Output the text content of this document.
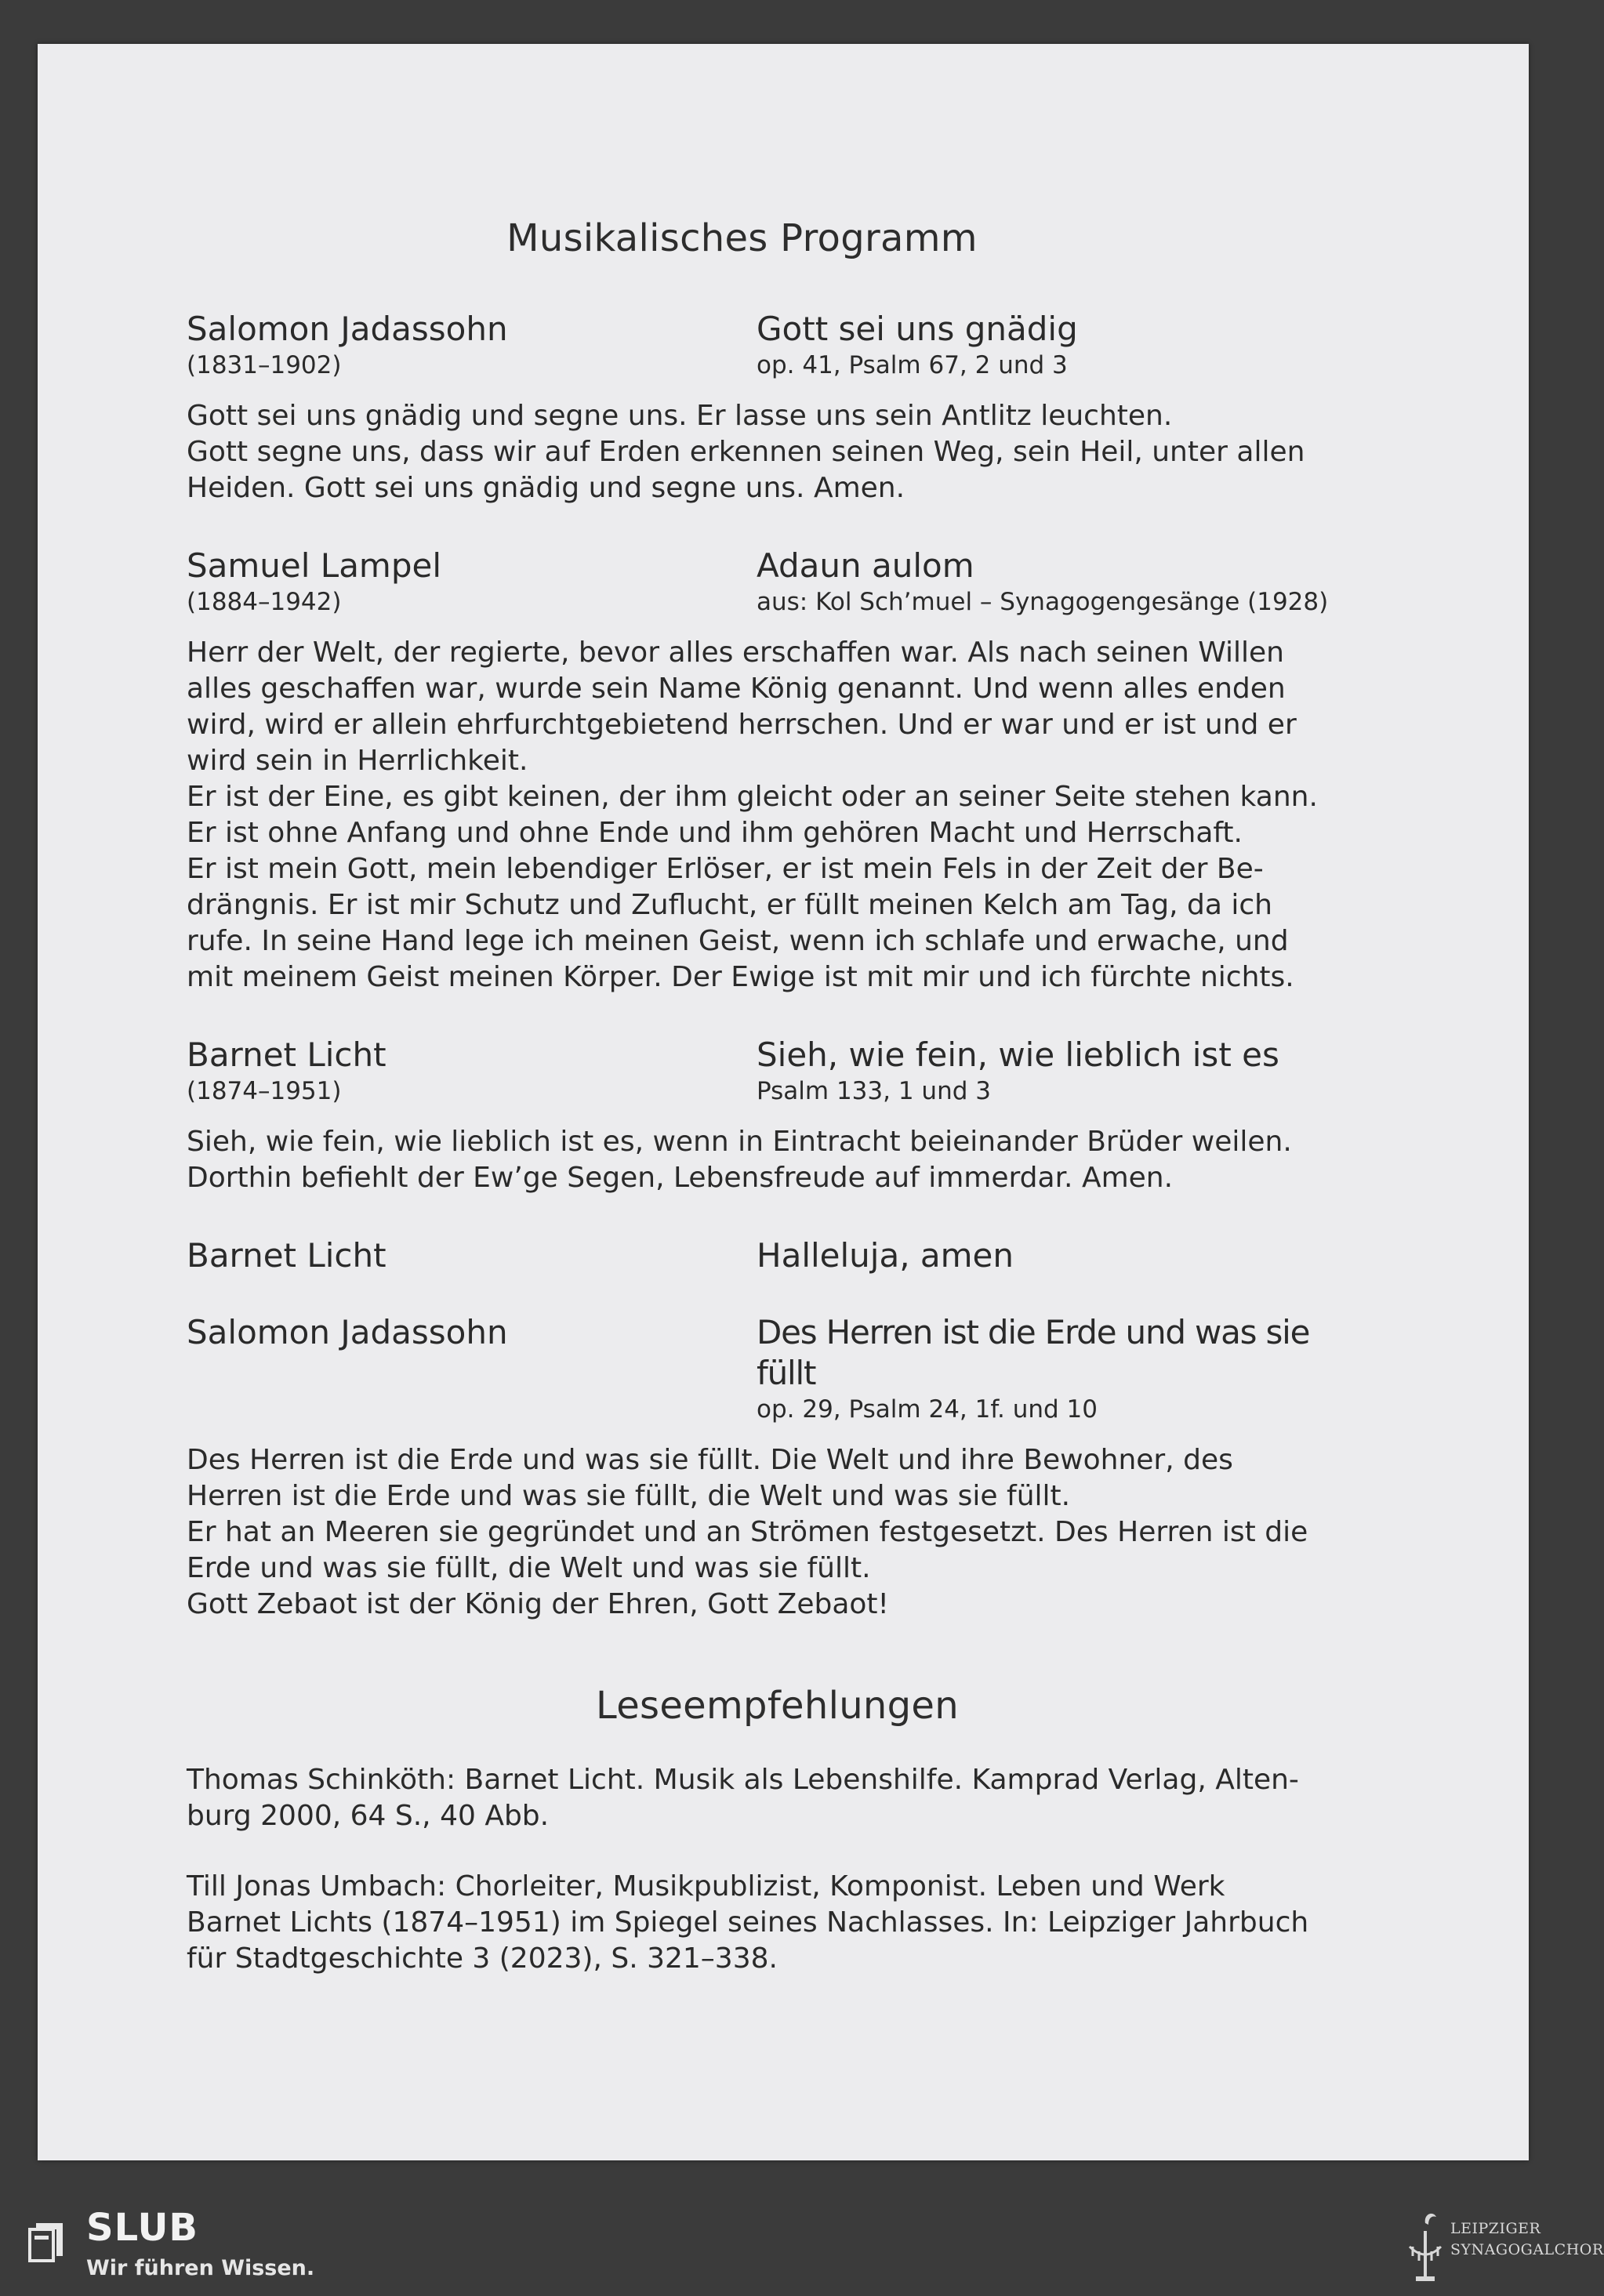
Musikalisches Programm
Salomon Jadassohn	Gott sei uns gnädig
(1831–1902)	op. 41, Psalm 67, 2 und 3

Gott sei uns gnädig und segne uns. Er lasse uns sein Antlitz leuchten.
Gott segne uns, dass wir auf Erden erkennen seinen Weg, sein Heil, unter allen
Heiden. Gott sei uns gnädig und segne uns. Amen.

Samuel Lampel	Adaun aulom
(1884–1942)	aus: Kol Sch’muel – Synagogengesänge (1928)

Herr der Welt, der regierte, bevor alles erschaffen war. Als nach seinen Willen
alles geschaffen war, wurde sein Name König genannt. Und wenn alles enden
wird, wird er allein ehrfurchtgebietend herrschen. Und er war und er ist und er
wird sein in Herrlichkeit.
Er ist der Eine, es gibt keinen, der ihm gleicht oder an seiner Seite stehen kann.
Er ist ohne Anfang und ohne Ende und ihm gehören Macht und Herrschaft.
Er ist mein Gott, mein lebendiger Erlöser, er ist mein Fels in der Zeit der Be-
drängnis. Er ist mir Schutz und Zuflucht, er füllt meinen Kelch am Tag, da ich
rufe. In seine Hand lege ich meinen Geist, wenn ich schlafe und erwache, und
mit meinem Geist meinen Körper. Der Ewige ist mit mir und ich fürchte nichts.

Barnet Licht	Sieh, wie fein, wie lieblich ist es
(1874–1951)	Psalm 133, 1 und 3

Sieh, wie fein, wie lieblich ist es, wenn in Eintracht beieinander Brüder weilen.
Dorthin befiehlt der Ew’ge Segen, Lebensfreude auf immerdar. Amen.

Barnet Licht	Halleluja, amen
Salomon Jadassohn	Des Herren ist die Erde und was sie füllt
op. 29, Psalm 24, 1f. und 10

Des Herren ist die Erde und was sie füllt. Die Welt und ihre Bewohner, des
Herren ist die Erde und was sie füllt, die Welt und was sie füllt.
Er hat an Meeren sie gegründet und an Strömen festgesetzt. Des Herren ist die
Erde und was sie füllt, die Welt und was sie füllt.
Gott Zebaot ist der König der Ehren, Gott Zebaot!

Leseempfehlungen

Thomas Schinköth: Barnet Licht. Musik als Lebenshilfe. Kamprad Verlag, Alten-
burg 2000, 64 S., 40 Abb.

Till Jonas Umbach: Chorleiter, Musikpublizist, Komponist. Leben und Werk
Barnet Lichts (1874–1951) im Spiegel seines Nachlasses. In: Leipziger Jahrbuch
für Stadtgeschichte 3 (2023), S. 321–338.

SLUB
Wir führen Wissen.
LEIPZIGER
SYNAGOGALCHOR
